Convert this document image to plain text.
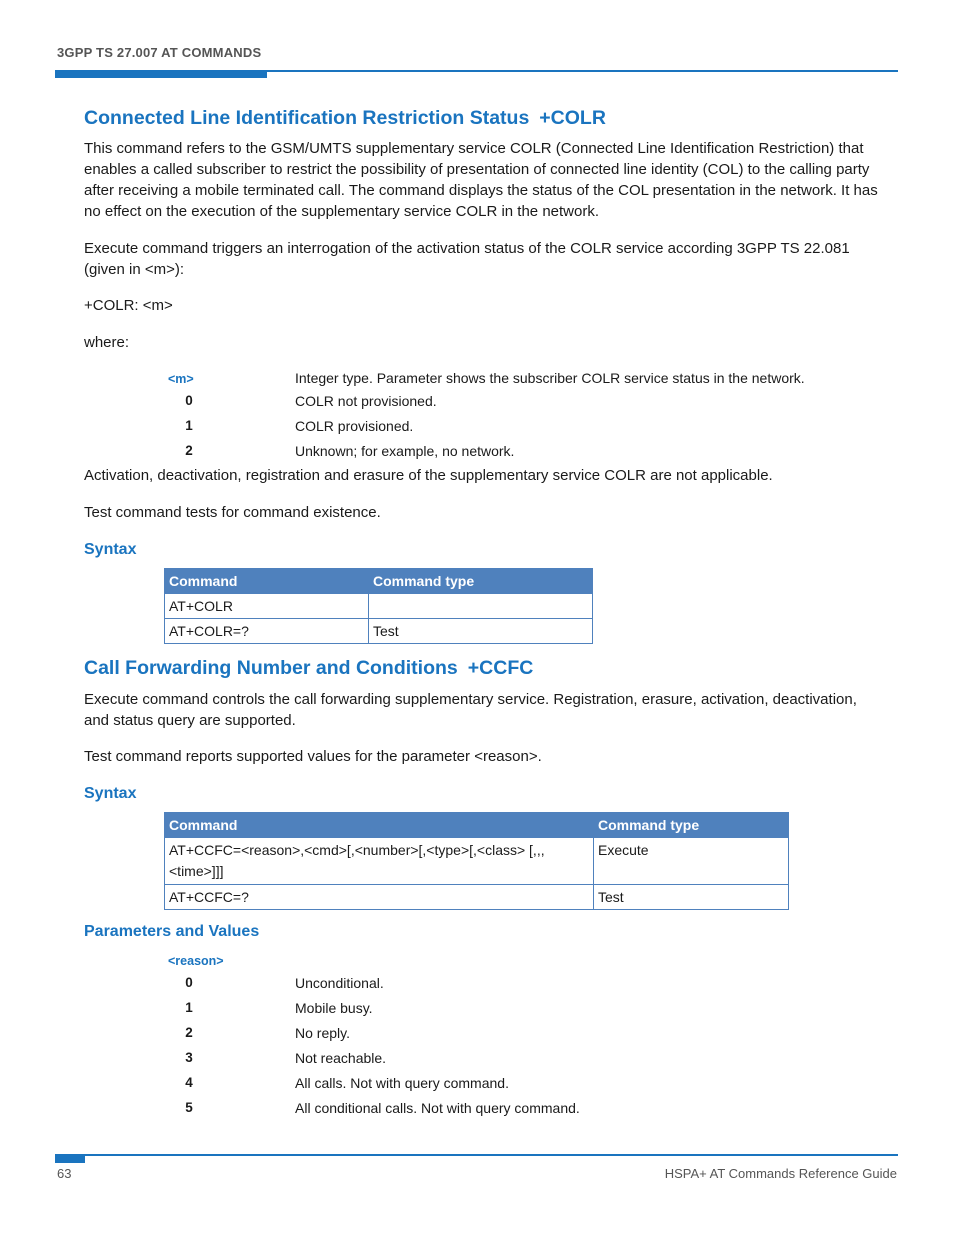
3GPP TS 27.007 AT COMMANDS
Connected Line Identification Restriction Status +COLR
This command refers to the GSM/UMTS supplementary service COLR (Connected Line Identification Restriction) that enables a called subscriber to restrict the possibility of presentation of connected line identity (COL) to the calling party after receiving a mobile terminated call. The command displays the status of the COL presentation in the network. It has no effect on the execution of the supplementary service COLR in the network.
Execute command triggers an interrogation of the activation status of the COLR service according 3GPP TS 22.081 (given in <m>):
+COLR: <m>
where:
<m>	Integer type. Parameter shows the subscriber COLR service status in the network.
0	COLR not provisioned.
1	COLR provisioned.
2	Unknown; for example, no network.
Activation, deactivation, registration and erasure of the supplementary service COLR are not applicable.
Test command tests for command existence.
Syntax
Command	Command type
AT+COLR	
AT+COLR=?	Test
Call Forwarding Number and Conditions +CCFC
Execute command controls the call forwarding supplementary service. Registration, erasure, activation, deactivation, and status query are supported.
Test command reports supported values for the parameter <reason>.
Syntax
Command	Command type
AT+CCFC=<reason>,<cmd>[,<number>[,<type>[,<class> [,,,<time>]]]	Execute
AT+CCFC=?	Test
Parameters and Values
<reason>
0	Unconditional.
1	Mobile busy.
2	No reply.
3	Not reachable.
4	All calls. Not with query command.
5	All conditional calls. Not with query command.
63	HSPA+ AT Commands Reference Guide
